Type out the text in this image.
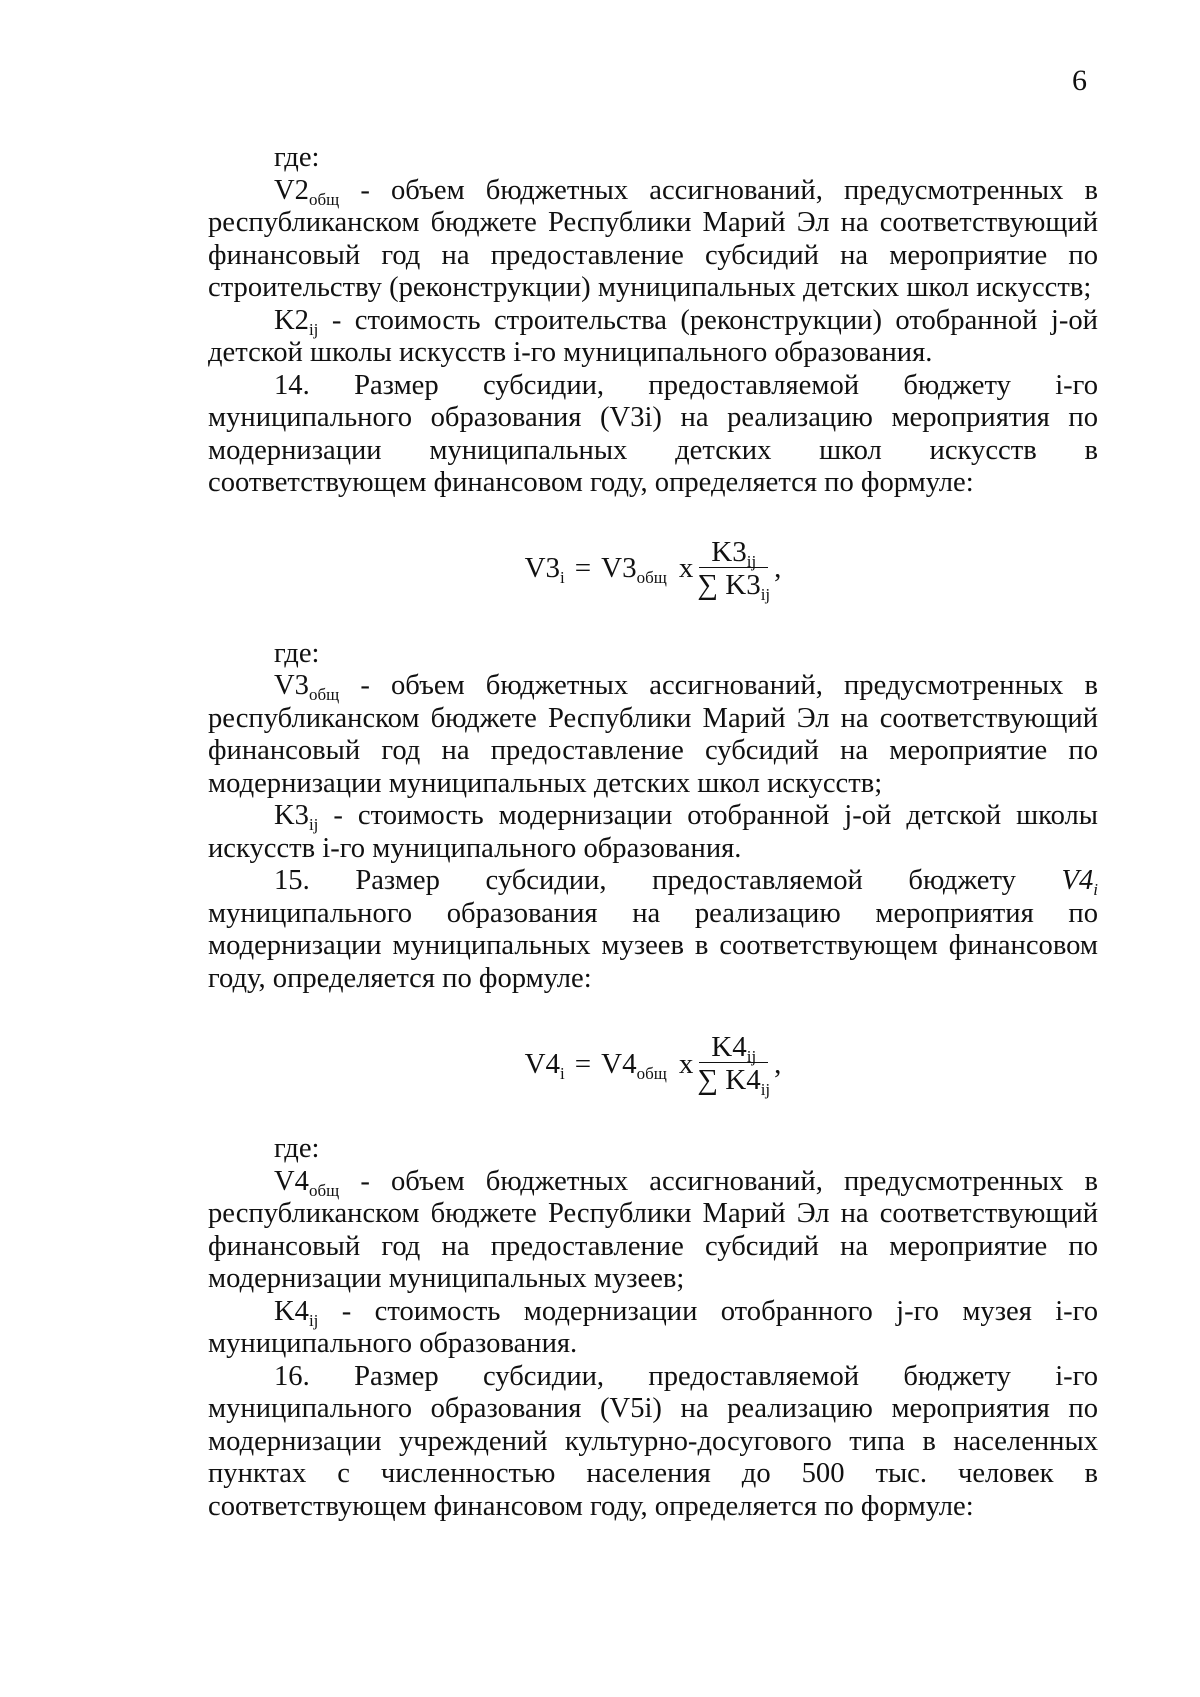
6

где:

$V2_{общ}$ - объем бюджетных ассигнований, предусмотренных в республиканском бюджете Республики Марий Эл на соответствующий финансовый год на предоставление субсидий на мероприятие по строительству (реконструкции) муниципальных детских школ искусств;

$K2_{ij}$ - стоимость строительства (реконструкции) отобранной j-ой детской школы искусств i-го муниципального образования.

14. Размер субсидии, предоставляемой бюджету i-го муниципального образования (V3i) на реализацию мероприятия по модернизации муниципальных детских школ искусств в соответствующем финансовом году, определяется по формуле:

$V3_i = V3_{общ}$ x $\frac{K3_{ij}}{\sum K3_{ij}}$ ,

где:

$V3_{общ}$ - объем бюджетных ассигнований, предусмотренных в республиканском бюджете Республики Марий Эл на соответствующий финансовый год на предоставление субсидий на мероприятие по модернизации муниципальных детских школ искусств;

$K3_{ij}$ - стоимость модернизации отобранной j-ой детской школы искусств i-го муниципального образования.

15. Размер субсидии, предоставляемой бюджету $V4_i$ муниципального образования на реализацию мероприятия по модернизации муниципальных музеев в соответствующем финансовом году, определяется по формуле:

$V4_i = V4_{общ}$ x $\frac{K4_{ij}}{\sum K4_{ij}}$ ,

где:

$V4_{общ}$ - объем бюджетных ассигнований, предусмотренных в республиканском бюджете Республики Марий Эл на соответствующий финансовый год на предоставление субсидий на мероприятие по модернизации муниципальных музеев;

$K4_{ij}$ - стоимость модернизации отобранного j-го музея i-го муниципального образования.

16. Размер субсидии, предоставляемой бюджету i-го муниципального образования (V5i) на реализацию мероприятия по модернизации учреждений культурно-досугового типа в населенных пунктах с численностью населения до 500 тыс. человек в соответствующем финансовом году, определяется по формуле:
